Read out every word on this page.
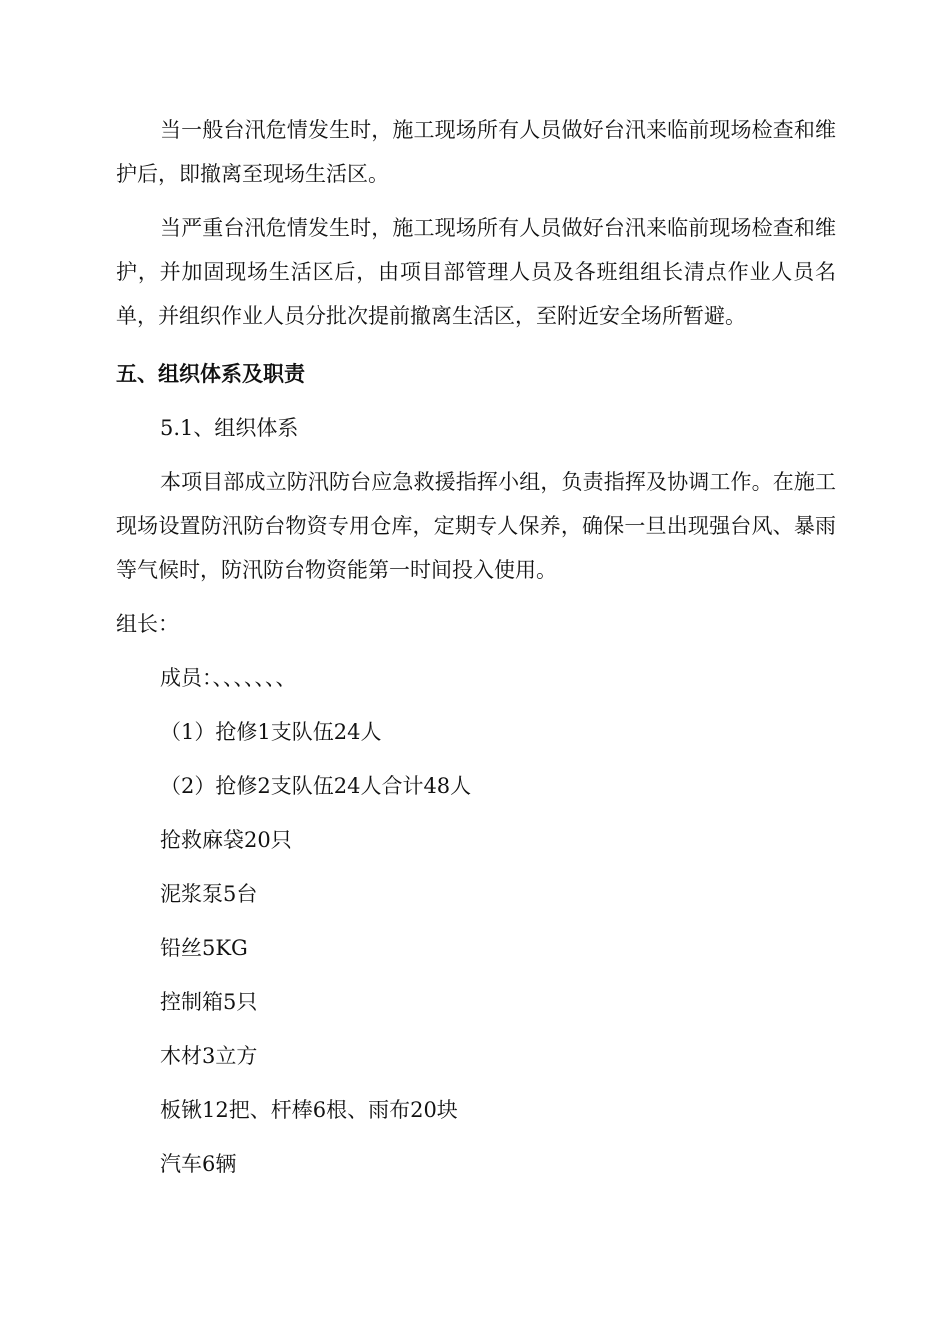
当一般台汛危情发生时，施工现场所有人员做好台汛来临前现场检查和维护后，即撤离至现场生活区。

当严重台汛危情发生时，施工现场所有人员做好台汛来临前现场检查和维护，并加固现场生活区后，由项目部管理人员及各班组组长清点作业人员名单，并组织作业人员分批次提前撤离生活区，至附近安全场所暂避。

五、组织体系及职责
5.1、组织体系

本项目部成立防汛防台应急救援指挥小组，负责指挥及协调工作。在施工现场设置防汛防台物资专用仓库，定期专人保养，确保一旦出现强台风、暴雨等气候时，防汛防台物资能第一时间投入使用。

组长：
成员：、、、、、、、
（1）抢修1支队伍24人
（2）抢修2支队伍24人合计48人
抢救麻袋20只
泥浆泵5台
铅丝5KG
控制箱5只
木材3立方
板锹12把、杆棒6根、雨布20块
汽车6辆
